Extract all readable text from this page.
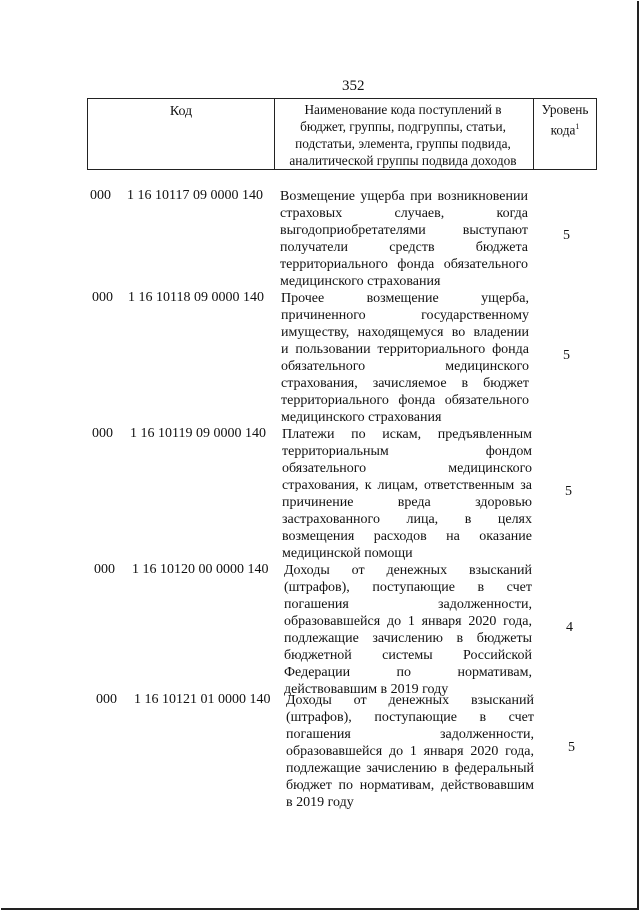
352
Код	Наименование кода поступлений в
бюджет, группы, подгруппы, статьи,
подстатьи, элемента, группы подвида,
аналитической группы подвида доходов
Уровень
кода$^1$
000 1 16 10117 09 0000 140 Возмещение ущерба при возникновении
страховых случаев, когда
выгодоприобретателями выступают
получатели средств бюджета
территориального фонда обязательного
медицинского страхования
5
000 1 16 10118 09 0000 140 Прочее возмещение ущерба,
причиненного государственному
имуществу, находящемуся во владении
и пользовании территориального фонда
обязательного медицинского
страхования, зачисляемое в бюджет
территориального фонда обязательного
медицинского страхования
5
000 1 16 10119 09 0000 140 Платежи по искам, предъявленным
территориальным фондом
обязательного медицинского
страхования, к лицам, ответственным за
причинение вреда здоровью
застрахованного лица, в целях
возмещения расходов на оказание
медицинской помощи
5
000 1 16 10120 00 0000 140 Доходы от денежных взысканий
(штрафов), поступающие в счет
погашения задолженности,
образовавшейся до 1 января 2020 года,
подлежащие зачислению в бюджеты
бюджетной системы Российской
Федерации по нормативам,
действовавшим в 2019 году
4
000 1 16 10121 01 0000 140 Доходы от денежных взысканий
(штрафов), поступающие в счет
погашения задолженности,
образовавшейся до 1 января 2020 года,
подлежащие зачислению в федеральный
бюджет по нормативам, действовавшим
в 2019 году
5
